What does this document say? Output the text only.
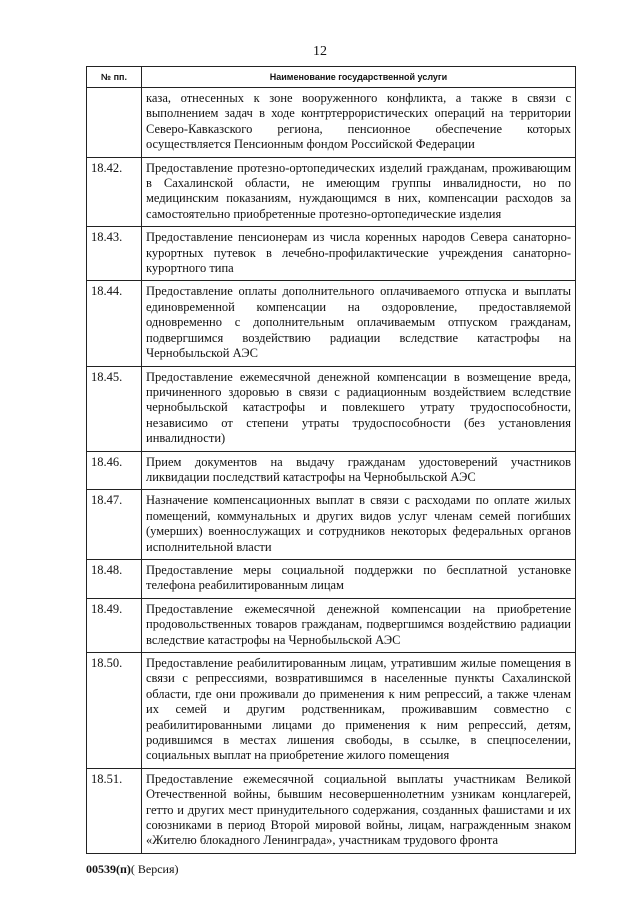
12
№ пп.	Наименование государственной услуги
	каза, отнесенных к зоне вооруженного конфликта, а также в связи с выполнением задач в ходе контртеррористических операций на территории Северо-Кавказского региона, пенсионное обеспечение которых осуществляется Пенсионным фондом Российской Федерации
18.42.	Предоставление протезно-ортопедических изделий гражданам, проживающим в Сахалинской области, не имеющим группы инвалидности, но по медицинским показаниям, нуждающимся в них, компенсации расходов за самостоятельно приобретенные протезно-ортопедические изделия
18.43.	Предоставление пенсионерам из числа коренных народов Севера санаторно-курортных путевок в лечебно-профилактические учреждения санаторно-курортного типа
18.44.	Предоставление оплаты дополнительного оплачиваемого отпуска и выплаты единовременной компенсации на оздоровление, предоставляемой одновременно с дополнительным оплачиваемым отпуском гражданам, подвергшимся воздействию радиации вследствие катастрофы на Чернобыльской АЭС
18.45.	Предоставление ежемесячной денежной компенсации в возмещение вреда, причиненного здоровью в связи с радиационным воздействием вследствие чернобыльской катастрофы и повлекшего утрату трудоспособности, независимо от степени утраты трудоспособности (без установления инвалидности)
18.46.	Прием документов на выдачу гражданам удостоверений участников ликвидации последствий катастрофы на Чернобыльской АЭС
18.47.	Назначение компенсационных выплат в связи с расходами по оплате жилых помещений, коммунальных и других видов услуг членам семей погибших (умерших) военнослужащих и сотрудников некоторых федеральных органов исполнительной власти
18.48.	Предоставление меры социальной поддержки по бесплатной установке телефона реабилитированным лицам
18.49.	Предоставление ежемесячной денежной компенсации на приобретение продовольственных товаров гражданам, подвергшимся воздействию радиации вследствие катастрофы на Чернобыльской АЭС
18.50.	Предоставление реабилитированным лицам, утратившим жилые помещения в связи с репрессиями, возвратившимся в населенные пункты Сахалинской области, где они проживали до применения к ним репрессий, а также членам их семей и другим родственникам, проживавшим совместно с реабилитированными лицами до применения к ним репрессий, детям, родившимся в местах лишения свободы, в ссылке, в спецпоселении, социальных выплат на приобретение жилого помещения
18.51.	Предоставление ежемесячной социальной выплаты участникам Великой Отечественной войны, бывшим несовершеннолетним узникам концлагерей, гетто и других мест принудительного содержания, созданных фашистами и их союзниками в период Второй мировой войны, лицам, награжденным знаком «Жителю блокадного Ленинграда», участникам трудового фронта
00539(п)( Версия)
